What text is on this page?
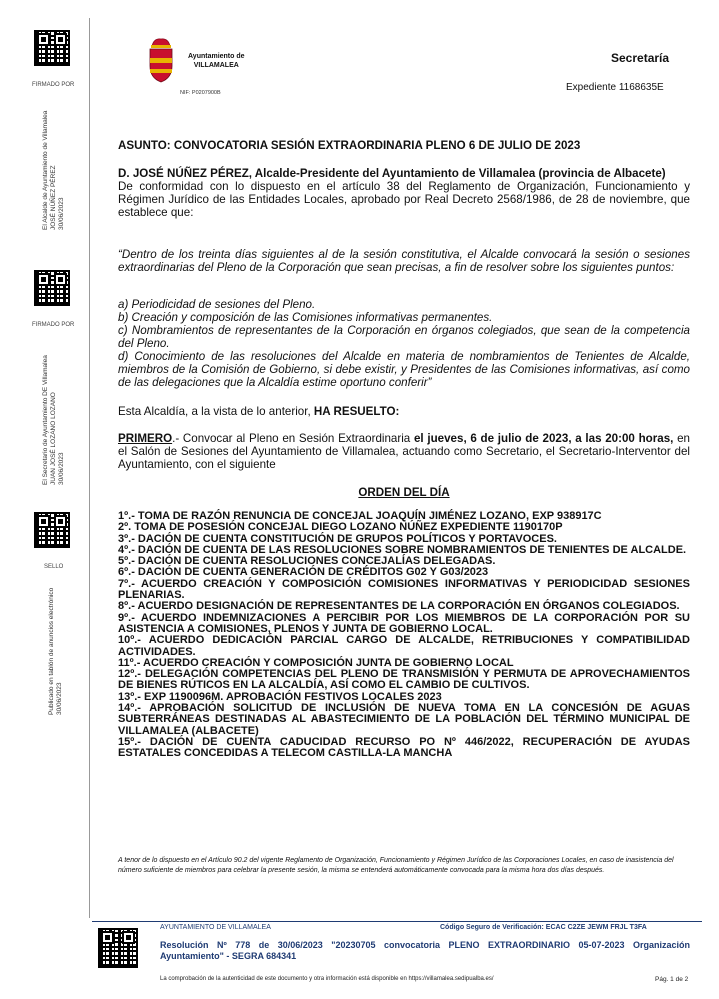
FIRMADO POR
El Alcalde de Ayuntamiento de Villamalea JOSÉ NÚÑEZ PÉREZ 30/06/2023
FIRMADO POR
El Secretario de Ayuntamiento DE Villamalea JUAN JOSÉ LOZANO LOZANO 30/06/2023
SELLO
Publicado en tablón de anuncios electrónico 30/06/2023
Ayuntamiento de
VILLAMALEA
NIF: P0207900B
Secretaría
Expediente 1168635E

ASUNTO: CONVOCATORIA SESIÓN EXTRAORDINARIA PLENO 6 DE JULIO DE 2023

D. JOSÉ NÚÑEZ PÉREZ, Alcalde-Presidente del Ayuntamiento de Villamalea (provincia de Albacete)
De conformidad con lo dispuesto en el artículo 38 del Reglamento de Organización, Funcionamiento y Régimen Jurídico de las Entidades Locales, aprobado por Real Decreto 2568/1986, de 28 de noviembre, que establece que:

“Dentro de los treinta días siguientes al de la sesión constitutiva, el Alcalde convocará la sesión o sesiones extraordinarias del Pleno de la Corporación que sean precisas, a fin de resolver sobre los siguientes puntos:

a) Periodicidad de sesiones del Pleno.
b) Creación y composición de las Comisiones informativas permanentes.
c) Nombramientos de representantes de la Corporación en órganos colegiados, que sean de la competencia del Pleno.
d) Conocimiento de las resoluciones del Alcalde en materia de nombramientos de Tenientes de Alcalde, miembros de la Comisión de Gobierno, si debe existir, y Presidentes de las Comisiones informativas, así como de las delegaciones que la Alcaldía estime oportuno conferir”

Esta Alcaldía, a la vista de lo anterior, HA RESUELTO:

PRIMERO.- Convocar al Pleno en Sesión Extraordinaria el jueves, 6 de julio de 2023, a las 20:00 horas, en el Salón de Sesiones del Ayuntamiento de Villamalea, actuando como Secretario, el Secretario-Interventor del Ayuntamiento, con el siguiente

ORDEN DEL DÍA
1º.- TOMA DE RAZÓN RENUNCIA DE CONCEJAL JOAQUÍN JIMÉNEZ LOZANO, EXP 938917C
2º. TOMA DE POSESIÓN CONCEJAL DIEGO LOZANO NÚÑEZ EXPEDIENTE 1190170P
3º.- DACIÓN DE CUENTA CONSTITUCIÓN DE GRUPOS POLÍTICOS Y PORTAVOCES.
4º.- DACIÓN DE CUENTA DE LAS RESOLUCIONES SOBRE NOMBRAMIENTOS DE TENIENTES DE ALCALDE.
5º.- DACIÓN DE CUENTA RESOLUCIONES CONCEJALÍAS DELEGADAS.
6º.- DACIÓN DE CUENTA GENERACIÓN DE CRÉDITOS G02 Y G03/2023
7º.- ACUERDO CREACIÓN Y COMPOSICIÓN COMISIONES INFORMATIVAS Y PERIODICIDAD SESIONES PLENARIAS.
8º.- ACUERDO DESIGNACIÓN DE REPRESENTANTES DE LA CORPORACIÓN EN ÓRGANOS COLEGIADOS.
9º.- ACUERDO INDEMNIZACIONES A PERCIBIR POR LOS MIEMBROS DE LA CORPORACIÓN POR SU ASISTENCIA A COMISIONES, PLENOS Y JUNTA DE GOBIERNO LOCAL.
10º.- ACUERDO DEDICACIÓN PARCIAL CARGO DE ALCALDE, RETRIBUCIONES Y COMPATIBILIDAD ACTIVIDADES.
11º.- ACUERDO CREACIÓN Y COMPOSICIÓN JUNTA DE GOBIERNO LOCAL
12º.- DELEGACIÓN COMPETENCIAS DEL PLENO DE TRANSMISIÓN Y PERMUTA DE APROVECHAMIENTOS DE BIENES RÚTICOS EN LA ALCALDÍA, ASÍ COMO EL CAMBIO DE CULTIVOS.
13º.- EXP 1190096M. APROBACIÓN FESTIVOS LOCALES 2023
14º.- APROBACIÓN SOLICITUD DE INCLUSIÓN DE NUEVA TOMA EN LA CONCESIÓN DE AGUAS SUBTERRÁNEAS DESTINADAS AL ABASTECIMIENTO DE LA POBLACIÓN DEL TÉRMINO MUNICIPAL DE VILLAMALEA (ALBACETE)
15º.- DACIÓN DE CUENTA CADUCIDAD RECURSO PO Nº 446/2022, RECUPERACIÓN DE AYUDAS ESTATALES CONCEDIDAS A TELECOM CASTILLA-LA MANCHA

A tenor de lo dispuesto en el Artículo 90.2 del vigente Reglamento de Organización, Funcionamiento y Régimen Jurídico de las Corporaciones Locales, en caso de inasistencia del número suficiente de miembros para celebrar la presente sesión, la misma se entenderá automáticamente convocada para la misma hora dos días después.

AYUNTAMIENTO DE VILLAMALEA	Código Seguro de Verificación: ECAC C2ZE JEWM FRJL T3FA
Resolución Nº 778 de 30/06/2023 "20230705 convocatoria PLENO EXTRAORDINARIO 05-07-2023 Organización Ayuntamiento" - SEGRA 684341
La comprobación de la autenticidad de este documento y otra información está disponible en https://villamalea.sedipualba.es/	Pág. 1 de 2
